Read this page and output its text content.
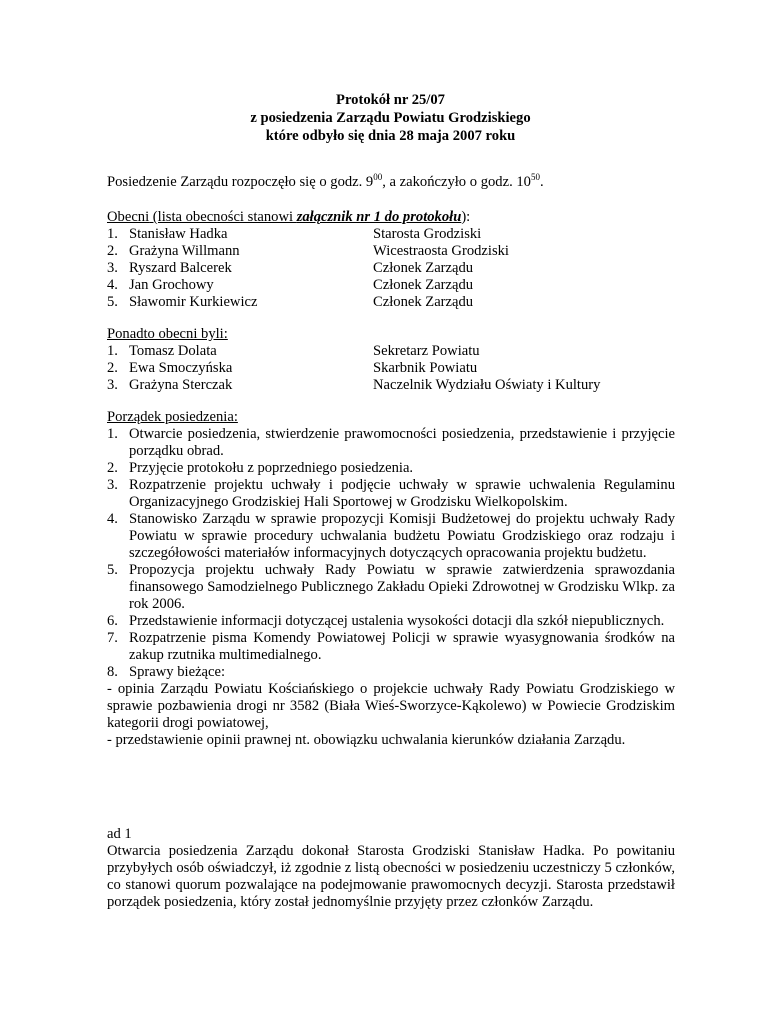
Protokół nr 25/07
z posiedzenia Zarządu Powiatu Grodziskiego
które odbyło się dnia 28 maja 2007 roku
Posiedzenie Zarządu rozpoczęło się o godz. $9^{00}$, a zakończyło o godz. $10^{50}$.
Obecni (lista obecności stanowi załącznik nr 1 do protokołu):
1. Stanisław Hadka	Starosta Grodziski
2. Grażyna Willmann	Wicestraosta Grodziski
3. Ryszard Balcerek	Członek Zarządu
4. Jan Grochowy	Członek Zarządu
5. Sławomir Kurkiewicz	Członek Zarządu
Ponadto obecni byli:
1. Tomasz Dolata	Sekretarz Powiatu
2. Ewa Smoczyńska	Skarbnik Powiatu
3. Grażyna Sterczak	Naczelnik Wydziału Oświaty i Kultury
Porządek posiedzenia:
1. Otwarcie posiedzenia, stwierdzenie prawomocności posiedzenia, przedstawienie i przyjęcie porządku obrad.
2. Przyjęcie protokołu z poprzedniego posiedzenia.
3. Rozpatrzenie projektu uchwały i podjęcie uchwały w sprawie uchwalenia Regulaminu Organizacyjnego Grodziskiej Hali Sportowej w Grodzisku Wielkopolskim.
4. Stanowisko Zarządu w sprawie propozycji Komisji Budżetowej do projektu uchwały Rady Powiatu w sprawie procedury uchwalania budżetu Powiatu Grodziskiego oraz rodzaju i szczegółowości materiałów informacyjnych dotyczących opracowania projektu budżetu.
5. Propozycja projektu uchwały Rady Powiatu w sprawie zatwierdzenia sprawozdania finansowego Samodzielnego Publicznego Zakładu Opieki Zdrowotnej w Grodzisku Wlkp. za rok 2006.
6. Przedstawienie informacji dotyczącej ustalenia wysokości dotacji dla szkół niepublicznych.
7. Rozpatrzenie pisma Komendy Powiatowej Policji w sprawie wyasygnowania środków na zakup rzutnika multimedialnego.
8. Sprawy bieżące:
- opinia Zarządu Powiatu Kościańskiego o projekcie uchwały Rady Powiatu Grodziskiego w sprawie pozbawienia drogi nr 3582 (Biała Wieś-Sworzyce-Kąkolewo) w Powiecie Grodziskim kategorii drogi powiatowej,
- przedstawienie opinii prawnej nt. obowiązku uchwalania kierunków działania Zarządu.
ad 1
Otwarcia posiedzenia Zarządu dokonał Starosta Grodziski Stanisław Hadka. Po powitaniu przybyłych osób oświadczył, iż zgodnie z listą obecności w posiedzeniu uczestniczy 5 członków, co stanowi quorum pozwalające na podejmowanie prawomocnych decyzji. Starosta przedstawił porządek posiedzenia, który został jednomyślnie przyjęty przez członków Zarządu.
